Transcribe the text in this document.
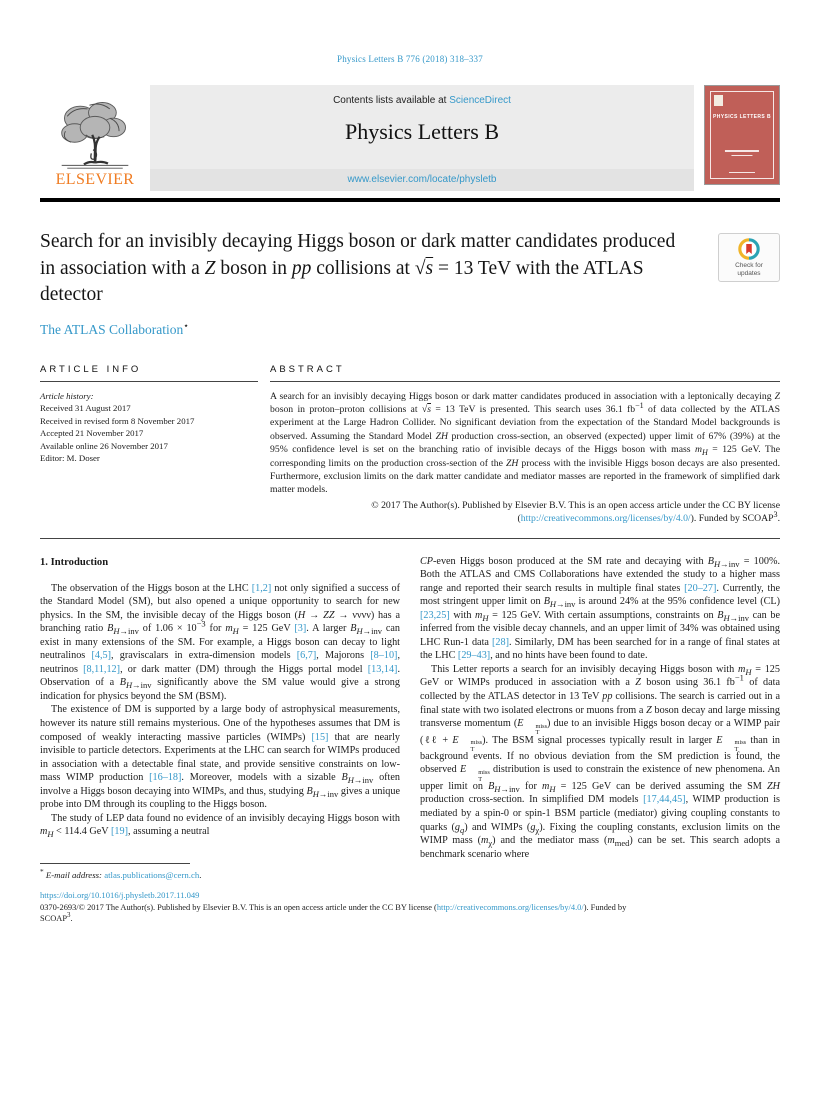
Physics Letters B 776 (2018) 318–337
ELSEVIER
Contents lists available at ScienceDirect
Physics Letters B
www.elsevier.com/locate/physletb
PHYSICS LETTERS B
Search for an invisibly decaying Higgs boson or dark matter candidates produced in association with a Z boson in pp collisions at √s = 13 TeV with the ATLAS detector
Check for updates
The ATLAS Collaboration⋆
ARTICLE INFO
Article history:
Received 31 August 2017
Received in revised form 8 November 2017
Accepted 21 November 2017
Available online 26 November 2017
Editor: M. Doser
ABSTRACT

A search for an invisibly decaying Higgs boson or dark matter candidates produced in association with a leptonically decaying Z boson in proton–proton collisions at √s = 13 TeV is presented. This search uses 36.1 $fb^{-1}$ of data collected by the ATLAS experiment at the Large Hadron Collider. No significant deviation from the expectation of the Standard Model backgrounds is observed. Assuming the Standard Model ZH production cross-section, an observed (expected) upper limit of 67% (39%) at the 95% confidence level is set on the branching ratio of invisible decays of the Higgs boson with mass $m_H = 125$ GeV. The corresponding limits on the production cross-section of the ZH process with the invisible Higgs boson decays are also presented. Furthermore, exclusion limits on the dark matter candidate and mediator masses are reported in the framework of simplified dark matter models.

© 2017 The Author(s). Published by Elsevier B.V. This is an open access article under the CC BY license
(http://creativecommons.org/licenses/by/4.0/). Funded by SCOAP$^3$.

1. Introduction

The observation of the Higgs boson at the LHC [1,2] not only signified a success of the Standard Model (SM), but also opened a unique opportunity to search for new physics. In the SM, the invisible decay of the Higgs boson (H → ZZ → νννν) has a branching ratio $B_{H\to inv}$ of $1.06 \times 10^{-3}$ for $m_H = 125$ GeV [3]. A larger $B_{H\to inv}$ can exist in many extensions of the SM. For example, a Higgs boson can decay to light neutralinos [4,5], graviscalars in extra-dimension models [6,7], Majorons [8–10], neutrinos [8,11,12], or dark matter (DM) through the Higgs portal model [13,14]. Observation of a $B_{H\to inv}$ significantly above the SM value would give a strong indication for physics beyond the SM (BSM).

The existence of DM is supported by a large body of astrophysical measurements, however its nature still remains mysterious. One of the hypotheses assumes that DM is composed of weakly interacting massive particles (WIMPs) [15] that are nearly invisible to particle detectors. Experiments at the LHC can search for WIMPs produced in association with a detectable final state, and provide sensitive constraints on low-mass WIMP production [16–18]. Moreover, models with a sizable $B_{H\to inv}$ often involve a Higgs boson decaying into WIMPs, and thus, studying $B_{H\to inv}$ gives a unique probe into DM through its coupling to the Higgs boson.

The study of LEP data found no evidence of an invisibly decaying Higgs boson with $m_H < 114.4$ GeV [19], assuming a neutral

* E-mail address: atlas.publications@cern.ch.

CP-even Higgs boson produced at the SM rate and decaying with $B_{H\to inv} = 100\%$. Both the ATLAS and CMS Collaborations have extended the study to a higher mass range and reported their search results in multiple final states [20–27]. Currently, the most stringent upper limit on $B_{H\to inv}$ is around 24% at the 95% confidence level (CL) [23,25] with $m_H = 125$ GeV. With certain assumptions, constraints on $B_{H\to inv}$ can be inferred from the visible decay channels, and an upper limit of 34% was obtained using LHC Run-1 data [28]. Similarly, DM has been searched for in a range of final states at the LHC [29–43], and no hints have been found to date.

This Letter reports a search for an invisibly decaying Higgs boson with $m_H = 125$ GeV or WIMPs produced in association with a Z boson using 36.1 $fb^{-1}$ of data collected by the ATLAS detector in 13 TeV pp collisions. The search is carried out in a final state with two isolated electrons or muons from a Z boson decay and large missing transverse momentum (E	miss
T
) due to an invisible Higgs boson decay or a WIMP pair (ℓℓ + E	miss
T
). The BSM signal processes typically result in larger E	miss
T
than in background events. If no obvious deviation from the SM prediction is found, the observed E	miss
T
distribution is used to constrain the existence of new phenomena. An upper limit on $B_{H\to inv}$ for $m_H = 125$ GeV can be derived assuming the SM ZH production cross-section. In simplified DM models [17,44,45], WIMP production is mediated by a spin-0 or spin-1 BSM particle (mediator) giving coupling constants to quarks $(g_q)$ and WIMPs $(g_\chi)$. Fixing the coupling constants, exclusion limits on the WIMP mass $(m_\chi)$ and the mediator mass $(m_{med})$ can be set. This search adopts a benchmark scenario where

https://doi.org/10.1016/j.physletb.2017.11.049
0370-2693/© 2017 The Author(s). Published by Elsevier B.V. This is an open access article under the CC BY license (http://creativecommons.org/licenses/by/4.0/). Funded by
SCOAP$^3$.
